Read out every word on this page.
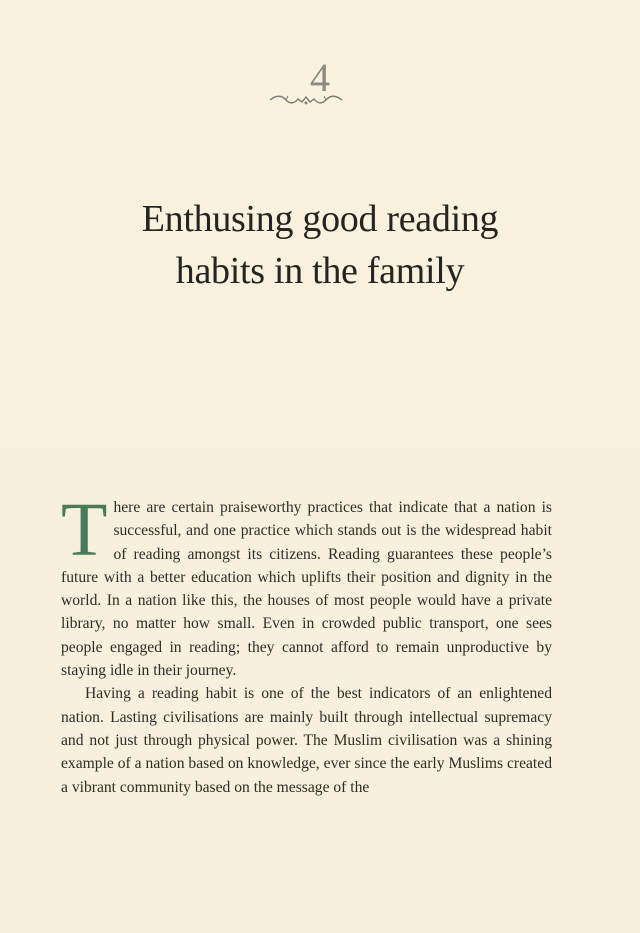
4
Enthusing good reading
habits in the family

There are certain praiseworthy practices that indicate that a nation is successful, and one practice which stands out is the widespread habit of reading amongst its citizens. Reading guarantees these people’s future with a better education which uplifts their position and dignity in the world. In a nation like this, the houses of most people would have a private library, no matter how small. Even in crowded public transport, one sees people engaged in reading; they cannot afford to remain unproductive by staying idle in their journey.

Having a reading habit is one of the best indicators of an enlightened nation. Lasting civilisations are mainly built through intellectual supremacy and not just through physical power. The Muslim civilisation was a shining example of a nation based on knowledge, ever since the early Muslims created a vibrant community based on the message of the
